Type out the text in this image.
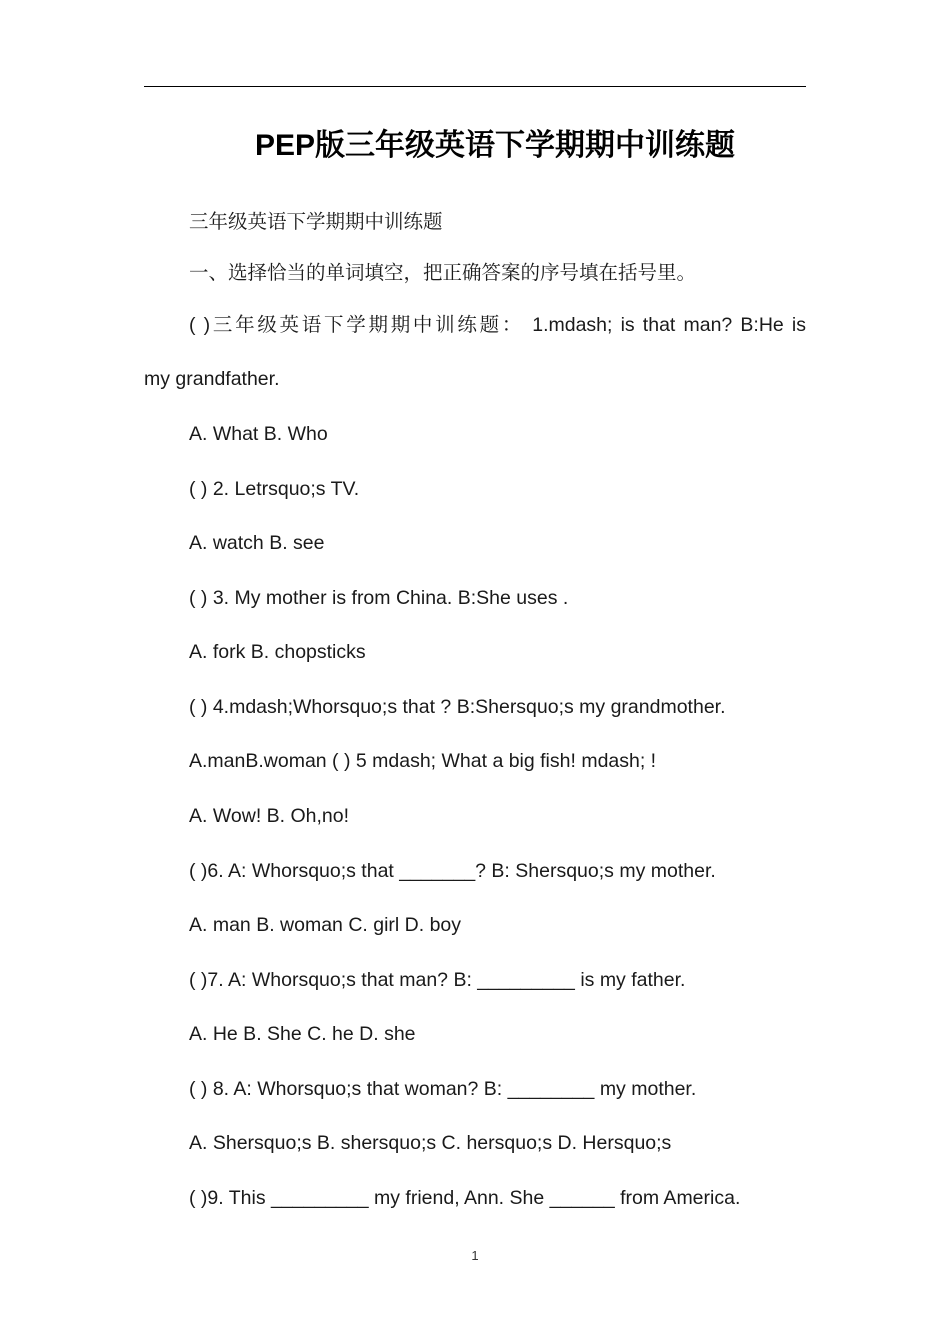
PEP版三年级英语下学期期中训练题
三年级英语下学期期中训练题
一、选择恰当的单词填空，把正确答案的序号填在括号里。
( )三年级英语下学期期中训练题： 1.mdash; is that man? B:He is
my grandfather.
A. What B. Who
( ) 2. Letrsquo;s TV.
A. watch B. see
( ) 3. My mother is from China. B:She uses .
A. fork B. chopsticks
( ) 4.mdash;Whorsquo;s that ? B:Shersquo;s my grandmother.
A.manB.woman ( ) 5 mdash; What a big fish! mdash; !
A. Wow! B. Oh,no!
( )6. A: Whorsquo;s that _______? B: Shersquo;s my mother.
A. man B. woman C. girl D. boy
( )7. A: Whorsquo;s that man? B: _________ is my father.
A. He B. She C. he D. she
( ) 8. A: Whorsquo;s that woman? B: ________ my mother.
A. Shersquo;s B. shersquo;s C. hersquo;s D. Hersquo;s
( )9. This _________ my friend, Ann. She ______ from America.
1
